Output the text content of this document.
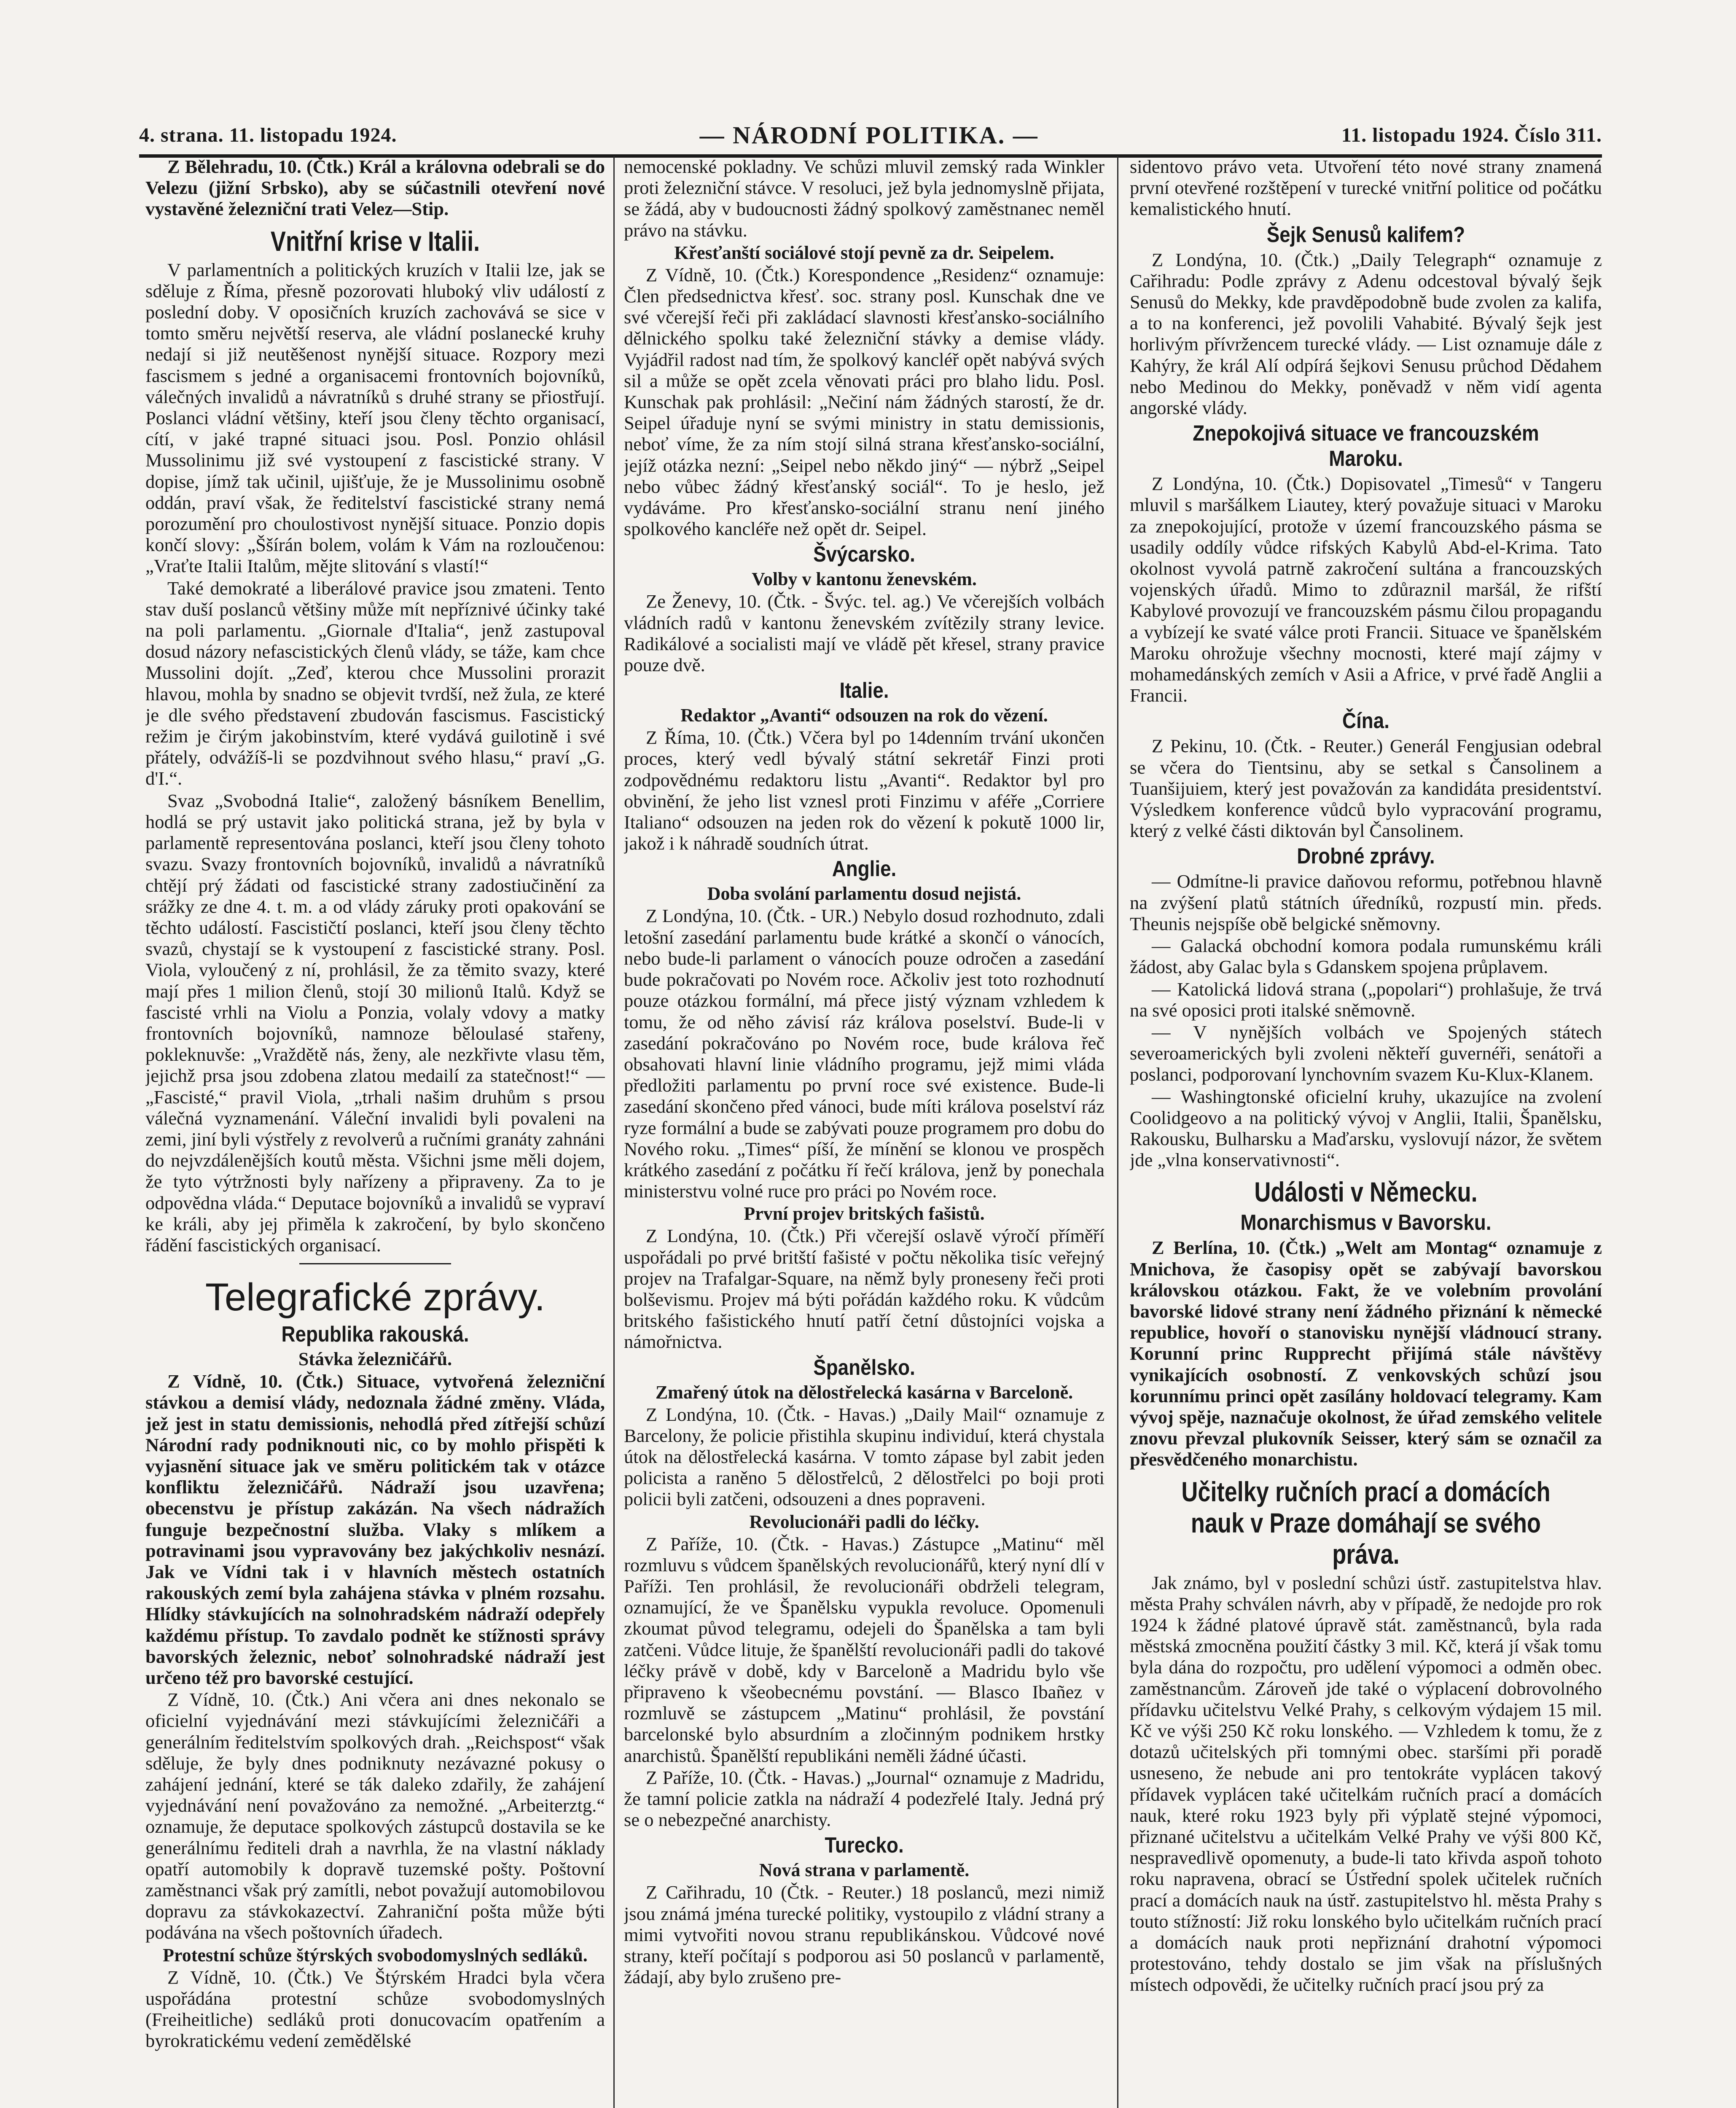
4. strana. 11. listopadu 1924.	— NÁRODNÍ POLITIKA. —	11. listopadu 1924. Číslo 311.

Z Bělehradu, 10. (Čtk.) Král a královna odebrali se do Velezu (jižní Srbsko), aby se súčastnili otevření nové vystavěné železniční trati Velez—Stip.

Vnitřní krise v Italii.

V parlamentních a politických kruzích v Italii lze, jak se sděluje z Říma, přesně pozorovati hluboký vliv událostí z poslední doby. V oposičních kruzích zachovává se sice v tomto směru největší reserva, ale vládní poslanecké kruhy nedají si již neutěšenost nynější situace. Rozpory mezi fascismem s jedné a organisacemi frontovních bojovníků, válečných invalidů a návratníků s druhé strany se přiostřují. Poslanci vládní většiny, kteří jsou členy těchto organisací, cítí, v jaké trapné situaci jsou. Posl. Ponzio ohlásil Mussolinimu již své vystoupení z fascistické strany. V dopise, jímž tak učinil, ujišťuje, že je Mussolinimu osobně oddán, praví však, že ředitelství fascistické strany nemá porozumění pro choulostivost nynější situace. Ponzio dopis končí slovy: „Ššírán bolem, volám k Vám na rozloučenou: „Vraťte Italii Italům, mějte slitování s vlastí!“

Také demokraté a liberálové pravice jsou zmateni. Tento stav duší poslanců většiny může mít nepříznivé účinky také na poli parlamentu. „Giornale d'Italia“, jenž zastupoval dosud názory nefascistických členů vlády, se táže, kam chce Mussolini dojít. „Zeď, kterou chce Mussolini prorazit hlavou, mohla by snadno se objevit tvrdší, než žula, ze které je dle svého představení zbudován fascismus. Fascistický režim je čirým jakobinstvím, které vydává guilotině i své přátely, odvážíš-li se pozdvihnout svého hlasu,“ praví „G. d'I.“.

Svaz „Svobodná Italie“, založený básníkem Benellim, hodlá se prý ustavit jako politická strana, jež by byla v parlamentě representována poslanci, kteří jsou členy tohoto svazu. Svazy frontovních bojovníků, invalidů a návratníků chtějí prý žádati od fascistické strany zadostiučinění za srážky ze dne 4. t. m. a od vlády záruky proti opakování se těchto událostí. Fascističtí poslanci, kteří jsou členy těchto svazů, chystají se k vystoupení z fascistické strany. Posl. Viola, vyloučený z ní, prohlásil, že za těmito svazy, které mají přes 1 milion členů, stojí 30 milionů Italů. Když se fascisté vrhli na Violu a Ponzia, volaly vdovy a matky frontovních bojovníků, namnoze běloulasé stařeny, pokleknuvše: „Vraždětě nás, ženy, ale nezkřivte vlasu těm, jejichž prsa jsou zdobena zlatou medailí za statečnost!“ — „Fascisté,“ pravil Viola, „trhali našim druhům s prsou válečná vyznamenání. Váleční invalidi byli povaleni na zemi, jiní byli výstřely z revolverů a ručními granáty zahnáni do nejvzdálenějších koutů města. Všichni jsme měli dojem, že tyto výtržnosti byly nařízeny a připraveny. Za to je odpovědna vláda.“ Deputace bojovníků a invalidů se vypraví ke králi, aby jej přiměla k zakročení, by bylo skončeno řádění fascistických organisací.

Telegrafické zprávy.
Republika rakouská.
Stávka železničářů.

Z Vídně, 10. (Čtk.) Situace, vytvořená železniční stávkou a demisí vlády, nedoznala žádné změny. Vláda, jež jest in statu demissionis, nehodlá před zítřejší schůzí Národní rady podniknouti nic, co by mohlo přispěti k vyjasnění situace jak ve směru politickém tak v otázce konfliktu železničářů. Nádraží jsou uzavřena; obecenstvu je přístup zakázán. Na všech nádražích funguje bezpečnostní služba. Vlaky s mlíkem a potravinami jsou vypravovány bez jakýchkoliv nesnází. Jak ve Vídni tak i v hlavních městech ostatních rakouských zemí byla zahájena stávka v plném rozsahu. Hlídky stávkujících na solnohradském nádraží odepřely každému přístup. To zavdalo podnět ke stížnosti správy bavorských železnic, neboť solnohradské nádraží jest určeno též pro bavorské cestující.

Z Vídně, 10. (Čtk.) Ani včera ani dnes nekonalo se oficielní vyjednávání mezi stávkujícími železničáři a generálním ředitelstvím spolkových drah. „Reichspost“ však sděluje, že byly dnes podniknuty nezávazné pokusy o zahájení jednání, které se ták daleko zdařily, že zahájení vyjednávání není považováno za nemožné. „Arbeiterztg.“ oznamuje, že deputace spolkových zástupců dostavila se ke generálnímu řediteli drah a navrhla, že na vlastní náklady opatří automobily k dopravě tuzemské pošty. Poštovní zaměstnanci však prý zamítli, nebot považují automobilovou dopravu za stávkokazectví. Zahraniční pošta může býti podávána na všech poštovních úřadech.

Protestní schůze štýrských svobodomyslných sedláků.

Z Vídně, 10. (Čtk.) Ve Štýrském Hradci byla včera uspořádána protestní schůze svobodomyslných (Freiheitliche) sedláků proti donucovacím opatřením a byrokratickému vedení zemědělské

nemocenské pokladny. Ve schůzi mluvil zemský rada Winkler proti železniční stávce. V resoluci, jež byla jednomyslně přijata, se žádá, aby v budoucnosti žádný spolkový zaměstnanec neměl právo na stávku.

Křesťanští sociálové stojí pevně za dr. Seipelem.

Z Vídně, 10. (Čtk.) Korespondence „Residenz“ oznamuje: Člen předsednictva křesť. soc. strany posl. Kunschak dne ve své včerejší řeči při zakládací slavnosti křesťansko-sociálního dělnického spolku také železniční stávky a demise vlády. Vyjádřil radost nad tím, že spolkový kancléř opět nabývá svých sil a může se opět zcela věnovati práci pro blaho lidu. Posl. Kunschak pak prohlásil: „Nečiní nám žádných starostí, že dr. Seipel úřaduje nyní se svými ministry in statu demissionis, neboť víme, že za ním stojí silná strana křesťansko-sociální, jejíž otázka nezní: „Seipel nebo někdo jiný“ — nýbrž „Seipel nebo vůbec žádný křesťanský sociál“. To je heslo, jež vydáváme. Pro křesťansko-sociální stranu není jiného spolkového kancléře než opět dr. Seipel.

Švýcarsko.
Volby v kantonu ženevském.

Ze Ženevy, 10. (Čtk. - Švýc. tel. ag.) Ve včerejších volbách vládních radů v kantonu ženevském zvítězily strany levice. Radikálové a socialisti mají ve vládě pět křesel, strany pravice pouze dvě.

Italie.
Redaktor „Avanti“ odsouzen na rok do vězení.

Z Říma, 10. (Čtk.) Včera byl po 14denním trvání ukončen proces, který vedl bývalý státní sekretář Finzi proti zodpovědnému redaktoru listu „Avanti“. Redaktor byl pro obvinění, že jeho list vznesl proti Finzimu v aféře „Corriere Italiano“ odsouzen na jeden rok do vězení k pokutě 1000 lir, jakož i k náhradě soudních útrat.

Anglie.
Doba svolání parlamentu dosud nejistá.

Z Londýna, 10. (Čtk. - UR.) Nebylo dosud rozhodnuto, zdali letošní zasedání parlamentu bude krátké a skončí o vánocích, nebo bude-li parlament o vánocích pouze odročen a zasedání bude pokračovati po Novém roce. Ačkoliv jest toto rozhodnutí pouze otázkou formální, má přece jistý význam vzhledem k tomu, že od něho závisí ráz králova poselství. Bude-li v zasedání pokračováno po Novém roce, bude králova řeč obsahovati hlavní linie vládního programu, jejž mimi vláda předložiti parlamentu po první roce své existence. Bude-li zasedání skončeno před vánoci, bude míti králova poselství ráz ryze formální a bude se zabývati pouze programem pro dobu do Nového roku. „Times“ píší, že mínění se klonou ve prospěch krátkého zasedání z počátku ří řečí králova, jenž by ponechala ministerstvu volné ruce pro práci po Novém roce.

První projev britských fašistů.

Z Londýna, 10. (Čtk.) Při včerejší oslavě výročí příměří uspořádali po prvé britští fašisté v počtu několika tisíc veřejný projev na Trafalgar-Square, na němž byly proneseny řeči proti bolševismu. Projev má býti pořádán každého roku. K vůdcům britského fašistického hnutí patří četní důstojníci vojska a námořnictva.

Španělsko.
Zmařený útok na dělostřelecká kasárna v Barceloně.

Z Londýna, 10. (Čtk. - Havas.) „Daily Mail“ oznamuje z Barcelony, že policie přistihla skupinu individuí, která chystala útok na dělostřelecká kasárna. V tomto zápase byl zabit jeden policista a raněno 5 dělostřelců, 2 dělostřelci po boji proti policii byli zatčeni, odsouzeni a dnes popraveni.

Revolucionáři padli do léčky.

Z Paříže, 10. (Čtk. - Havas.) Zástupce „Matinu“ měl rozmluvu s vůdcem španělských revolucionářů, který nyní dlí v Paříži. Ten prohlásil, že revolucionáři obdrželi telegram, oznamující, že ve Španělsku vypukla revoluce. Opomenuli zkoumat původ telegramu, odejeli do Španělska a tam byli zatčeni. Vůdce lituje, že španělští revolucionáři padli do takové léčky právě v době, kdy v Barceloně a Madridu bylo vše připraveno k všeobecnému povstání. — Blasco Ibañez v rozmluvě se zástupcem „Matinu“ prohlásil, že povstání barcelonské bylo absurdním a zločinným podnikem hrstky anarchistů. Španělští republikáni neměli žádné účasti.

Z Paříže, 10. (Čtk. - Havas.) „Journal“ oznamuje z Madridu, že tamní policie zatkla na nádraží 4 podezřelé Italy. Jedná prý se o nebezpečné anarchisty.

Turecko.
Nová strana v parlamentě.

Z Cařihradu, 10 (Čtk. - Reuter.) 18 poslanců, mezi nimiž jsou známá jména turecké politiky, vystoupilo z vládní strany a mimi vytvořiti novou stranu republikánskou. Vůdcové nové strany, kteří počítají s podporou asi 50 poslanců v parlamentě, žádají, aby bylo zrušeno pre-

sidentovo právo veta. Utvoření této nové strany znamená první otevřené rozštěpení v turecké vnitřní politice od počátku kemalistického hnutí.

Šejk Senusů kalifem?

Z Londýna, 10. (Čtk.) „Daily Telegraph“ oznamuje z Cařihradu: Podle zprávy z Adenu odcestoval bývalý šejk Senusů do Mekky, kde pravděpodobně bude zvolen za kalifa, a to na konferenci, jež povolili Vahabité. Bývalý šejk jest horlivým přívržencem turecké vlády. — List oznamuje dále z Kahýry, že král Alí odpírá šejkovi Senusu průchod Dědahem nebo Medinou do Mekky, poněvadž v něm vidí agenta angorské vlády.

Znepokojivá situace ve francouzském Maroku.

Z Londýna, 10. (Čtk.) Dopisovatel „Timesů“ v Tangeru mluvil s maršálkem Liautey, který považuje situaci v Maroku za znepokojující, protože v území francouzského pásma se usadily oddíly vůdce rifských Kabylů Abd-el-Krima. Tato okolnost vyvolá patrně zakročení sultána a francouzských vojenských úřadů. Mimo to zdůraznil maršál, že rifští Kabylové provozují ve francouzském pásmu čilou propagandu a vybízejí ke svaté válce proti Francii. Situace ve španělském Maroku ohrožuje všechny mocnosti, které mají zájmy v mohamedánských zemích v Asii a Africe, v prvé řadě Anglii a Francii.

Čína.

Z Pekinu, 10. (Čtk. - Reuter.) Generál Fengjusian odebral se včera do Tientsinu, aby se setkal s Čansolinem a Tuanšijuiem, který jest považován za kandidáta presidentství. Výsledkem konference vůdců bylo vypracování programu, který z velké části diktován byl Čansolinem.

Drobné zprávy.

— Odmítne-li pravice daňovou reformu, potřebnou hlavně na zvýšení platů státních úředníků, rozpustí min. předs. Theunis nejspíše obě belgické sněmovny.

— Galacká obchodní komora podala rumunskému králi žádost, aby Galac byla s Gdanskem spojena průplavem.

— Katolická lidová strana („popolari“) prohlašuje, že trvá na své oposici proti italské sněmovně.

— V nynějších volbách ve Spojených státech severoamerických byli zvoleni někteří guvernéři, senátoři a poslanci, podporovaní lynchovním svazem Ku-Klux-Klanem.

— Washingtonské oficielní kruhy, ukazujíce na zvolení Coolidgeovo a na politický vývoj v Anglii, Italii, Španělsku, Rakousku, Bulharsku a Maďarsku, vyslovují názor, že světem jde „vlna konservativnosti“.

Události v Německu.
Monarchismus v Bavorsku.

Z Berlína, 10. (Čtk.) „Welt am Montag“ oznamuje z Mnichova, že časopisy opět se zabývají bavorskou královskou otázkou. Fakt, že ve volebním provolání bavorské lidové strany není žádného přiznání k německé republice, hovoří o stanovisku nynější vládnoucí strany. Korunní princ Rupprecht přijímá stále návštěvy vynikajících osobností. Z venkovských schůzí jsou korunnímu princi opět zasílány holdovací telegramy. Kam vývoj spěje, naznačuje okolnost, že úřad zemského velitele znovu převzal plukovník Seisser, který sám se označil za přesvědčeného monarchistu.

Učitelky ručních prací a domácích nauk v Praze domáhají se svého práva.

Jak známo, byl v poslední schůzi ústř. zastupitelstva hlav. města Prahy schválen návrh, aby v případě, že nedojde pro rok 1924 k žádné platové úpravě stát. zaměstnanců, byla rada městská zmocněna použití částky 3 mil. Kč, která jí však tomu byla dána do rozpočtu, pro udělení výpomoci a odměn obec. zaměstnancům. Zároveň jde také o výplacení dobrovolného přídavku učitelstvu Velké Prahy, s celkovým výdajem 15 mil. Kč ve výši 250 Kč roku lonského. — Vzhledem k tomu, že z dotazů učitelských při tomnými obec. staršími při poradě usneseno, že nebude ani pro tentokráte vyplácen takový přídavek vyplácen také učitelkám ručních prací a domácích nauk, které roku 1923 byly při výplatě stejné výpomoci, přiznané učitelstvu a učitelkám Velké Prahy ve výši 800 Kč, nespravedlivě opomenuty, a bude-li tato křivda aspoň tohoto roku napravena, obrací se Ústřední spolek učitelek ručních prací a domácích nauk na ústř. zastupitelstvo hl. města Prahy s touto stížností: Již roku lonského bylo učitelkám ručních prací a domácích nauk proti nepřiznání drahotní výpomoci protestováno, tehdy dostalo se jim však na příslušných místech odpovědi, že učitelky ručních prací jsou prý za
